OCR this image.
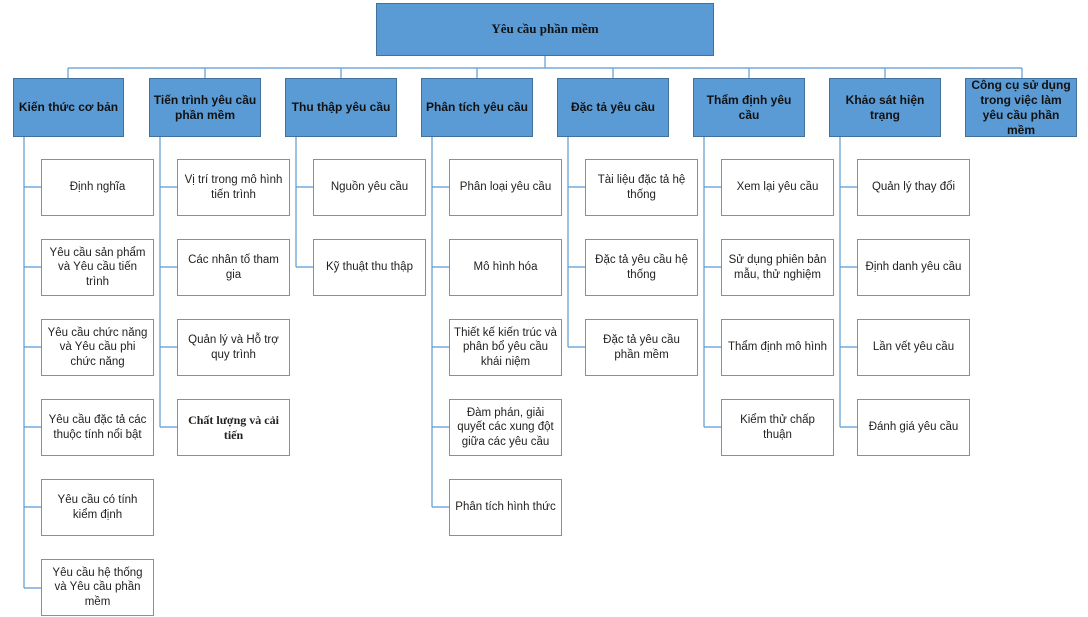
Yêu cầu phần mềm
Kiến thức cơ bản
Tiến trình yêu cầu phần mềm
Thu thập yêu cầu	Phân tích yêu cầu	Đặc tả yêu cầu
Thẩm định yêu cầu
Khảo sát hiện trạng
Công cụ sử dụng trong việc làm yêu cầu phần mềm
Định nghĩa
Yêu cầu sản phẩm và Yêu cầu tiến trình
Yêu cầu chức năng và Yêu cầu phi chức năng
Yêu cầu đặc tả các thuộc tính nổi bật
Yêu cầu có tính kiểm định
Yêu cầu hệ thống và Yêu cầu phần mềm
Vị trí trong mô hình tiến trình
Các nhân tố tham gia
Quản lý và Hỗ trợ quy trình
Chất lượng và cải tiến
Nguồn yêu cầu
Kỹ thuật thu thập
Phân loại yêu cầu
Mô hình hóa
Thiết kế kiến trúc và phân bổ yêu cầu khái niệm
Đàm phán, giải quyết các xung đột giữa các yêu cầu
Phân tích hình thức
Tài liệu đặc tả hệ thống
Đặc tả yêu cầu hệ thống
Đặc tả yêu cầu phần mềm
Xem lại yêu cầu
Sử dụng phiên bản mẫu, thử nghiệm
Thẩm định mô hình
Kiểm thử chấp thuận
Quản lý thay đổi
Định danh yêu cầu
Lần vết yêu cầu
Đánh giá yêu cầu
